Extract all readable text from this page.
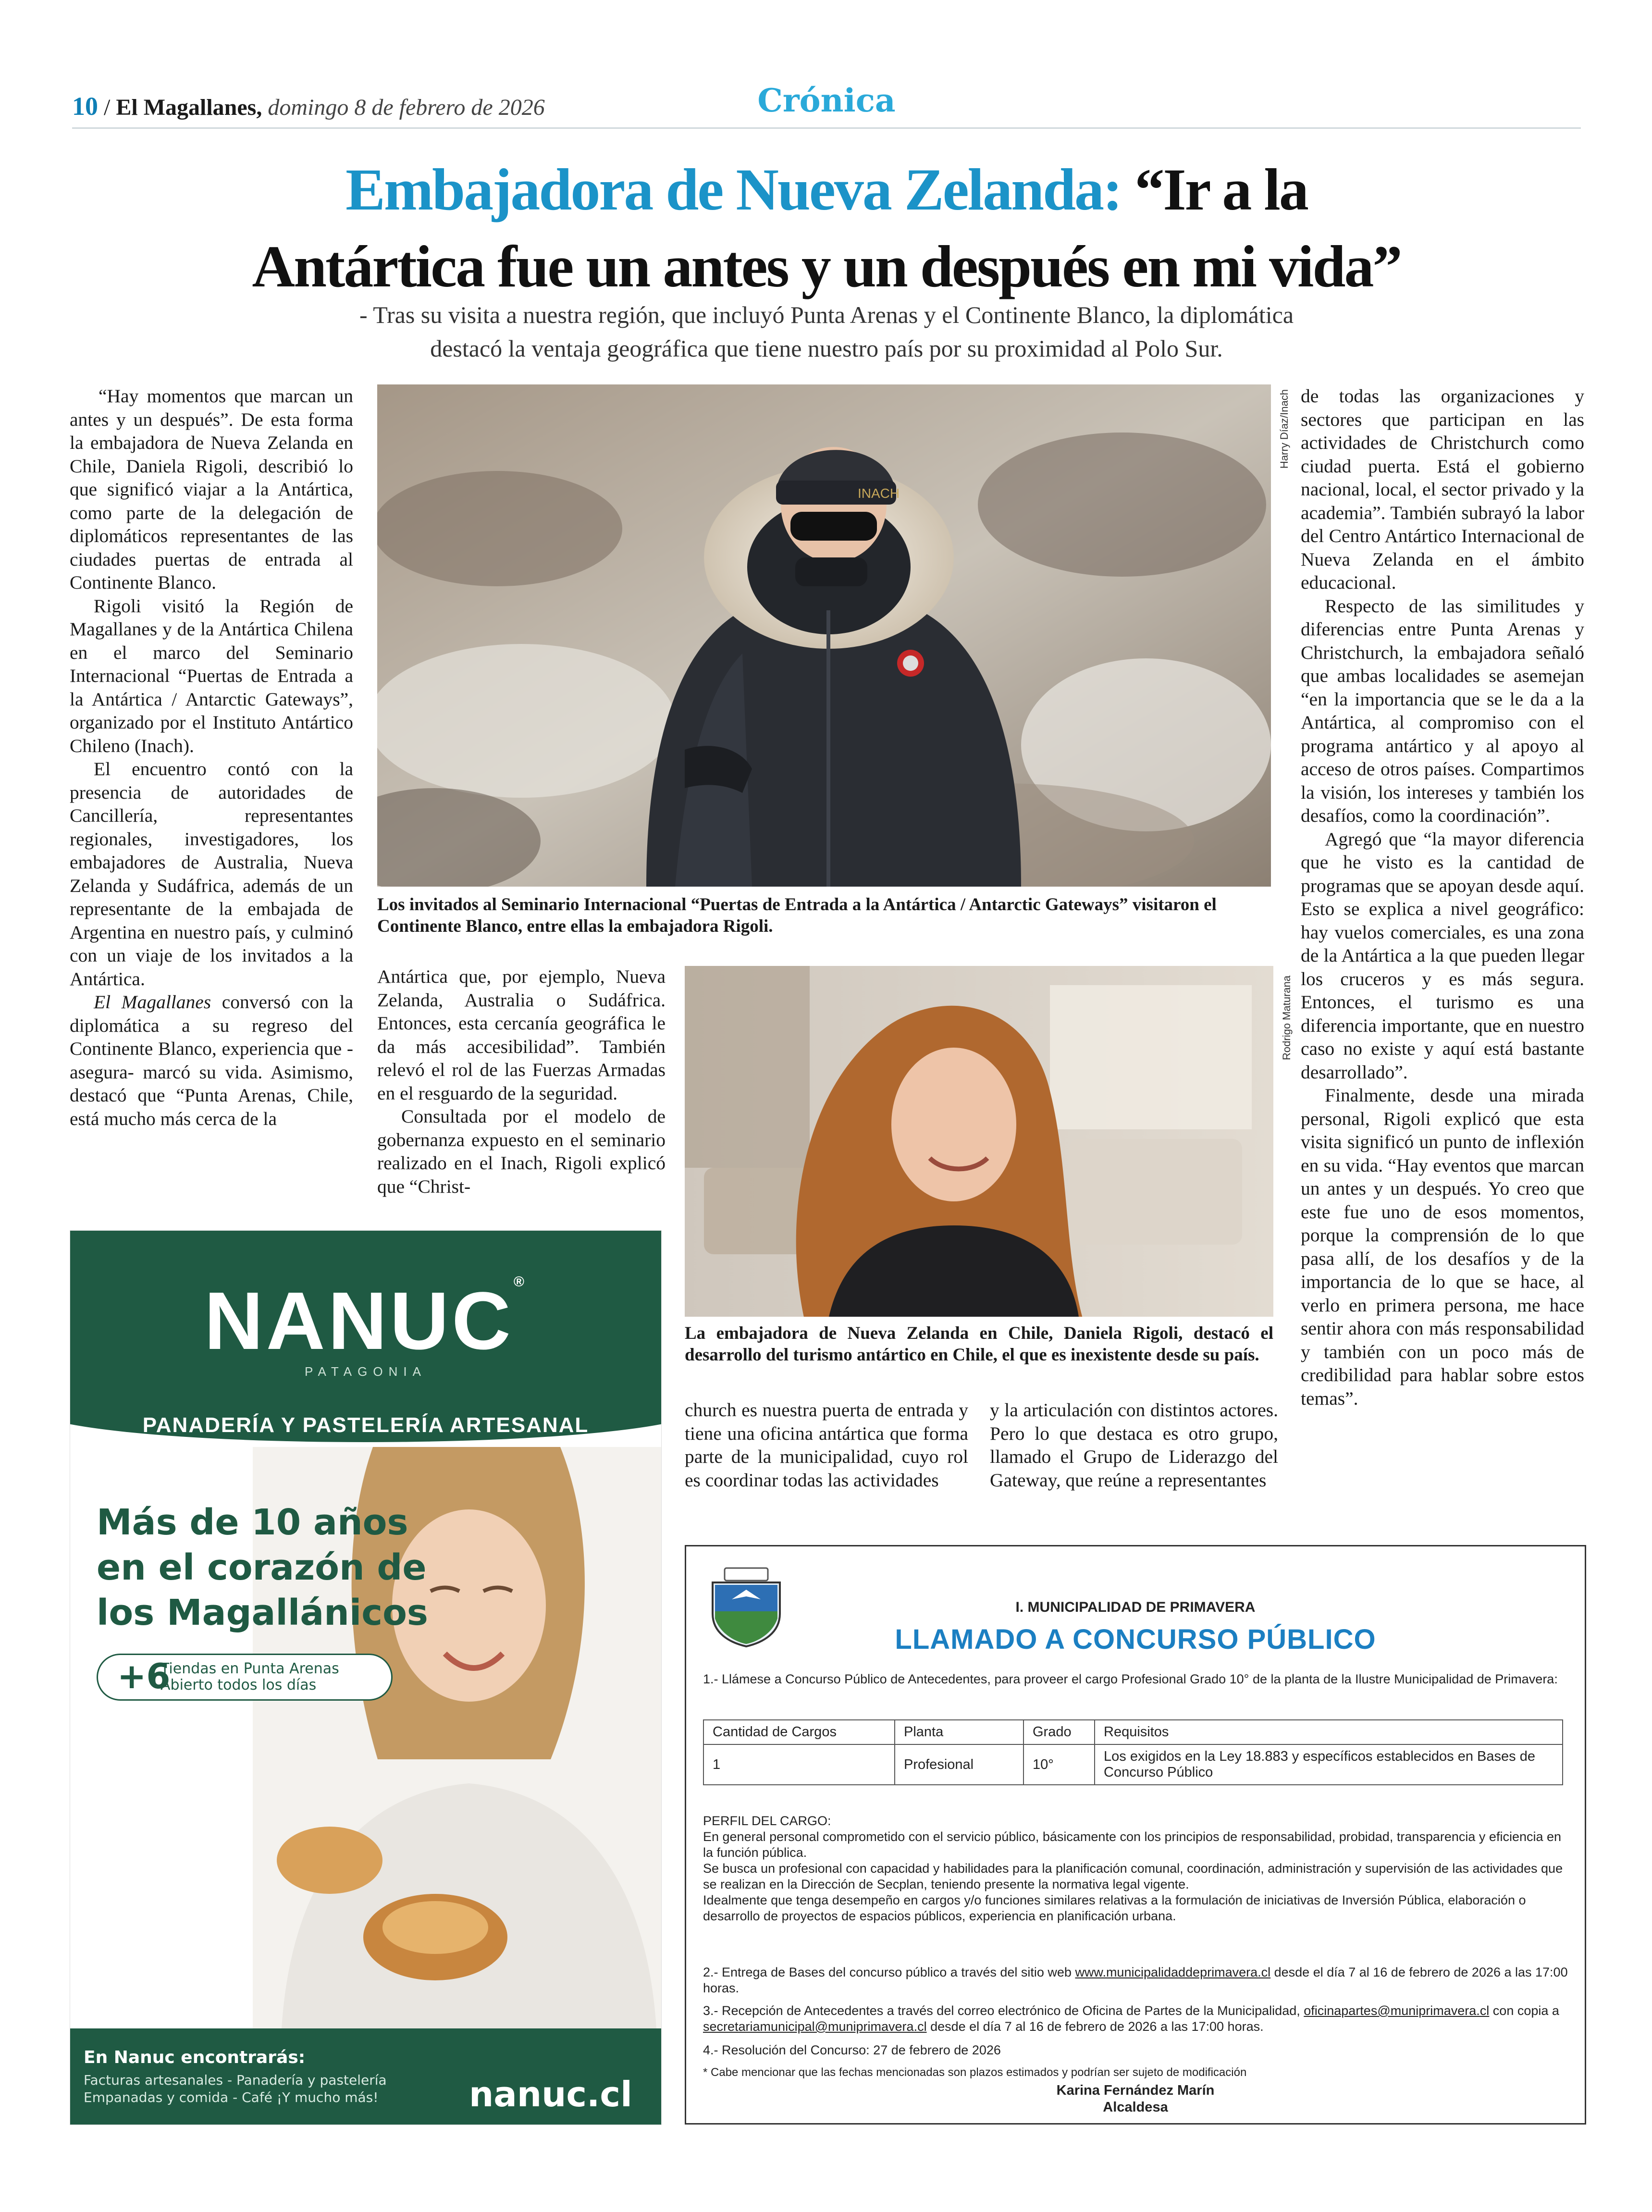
10 / El Magallanes, domingo 8 de febrero de 2026	Crónica
Embajadora de Nueva Zelanda: “Ir a la
Antártica fue un antes y un después en mi vida”
- Tras su visita a nuestra región, que incluyó Punta Arenas y el Continente Blanco, la diplomática
destacó la ventaja geográfica que tiene nuestro país por su proximidad al Polo Sur.

“Hay momentos que marcan un antes y un después”. De esta forma la embajadora de Nueva Zelanda en Chile, Daniela Rigoli, describió lo que significó viajar a la Antártica, como parte de la delegación de diplomáticos representantes de las ciudades puertas de entrada al Continente Blanco.

Rigoli visitó la Región de Magallanes y de la Antártica Chilena en el marco del Seminario Internacional “Puertas de Entrada a la Antártica / Antarctic Gateways”, organizado por el Instituto Antártico Chileno (Inach).

El encuentro contó con la presencia de autoridades de Cancillería, representantes regionales, investigadores, los embajadores de Australia, Nueva Zelanda y Sudáfrica, además de un representante de la embajada de Argentina en nuestro país, y culminó con un viaje de los invitados a la Antártica.

El Magallanes conversó con la diplomática a su regreso del Continente Blanco, experiencia que -asegura- marcó su vida. Asimismo, destacó que “Punta Arenas, Chile, está mucho más cerca de la

INACH
Harry Díaz/Inach
Los invitados al Seminario Internacional “Puertas de Entrada a la Antártica / Antarctic Gateways” visitaron el Continente Blanco, entre ellas la embajadora Rigoli.

Antártica que, por ejemplo, Nueva Zelanda, Australia o Sudáfrica. Entonces, esta cercanía geográfica le da más accesibilidad”. También relevó el rol de las Fuerzas Armadas en el resguardo de la seguridad.

Consultada por el modelo de gobernanza expuesto en el seminario realizado en el Inach, Rigoli explicó que “Christ-

Rodrigo Maturana
La embajadora de Nueva Zelanda en Chile, Daniela Rigoli, destacó el desarrollo del turismo antártico en Chile, el que es inexistente desde su país.

church es nuestra puerta de entrada y tiene una oficina antártica que forma parte de la municipalidad, cuyo rol es coordinar todas las actividades

y la articulación con distintos actores. Pero lo que destaca es otro grupo, llamado el Grupo de Liderazgo del Gateway, que reúne a representantes

de todas las organizaciones y sectores que participan en las actividades de Christchurch como ciudad puerta. Está el gobierno nacional, local, el sector privado y la academia”. También subrayó la labor del Centro Antártico Internacional de Nueva Zelanda en el ámbito educacional.

Respecto de las similitudes y diferencias entre Punta Arenas y Christchurch, la embajadora señaló que ambas localidades se asemejan “en la importancia que se le da a la Antártica, al compromiso con el programa antártico y al apoyo al acceso de otros países. Compartimos la visión, los intereses y también los desafíos, como la coordinación”.

Agregó que “la mayor diferencia que he visto es la cantidad de programas que se apoyan desde aquí. Esto se explica a nivel geográfico: hay vuelos comerciales, es una zona de la Antártica a la que pueden llegar los cruceros y es más segura. Entonces, el turismo es una diferencia importante, que en nuestro caso no existe y aquí está bastante desarrollado”.

Finalmente, desde una mirada personal, Rigoli explicó que esta visita significó un punto de inflexión en su vida. “Hay eventos que marcan un antes y un después. Yo creo que este fue uno de esos momentos, porque la comprensión de lo que pasa allí, de los desafíos y de la importancia de lo que se hace, al verlo en primera persona, me hace sentir ahora con más responsabilidad y también con un poco más de credibilidad para hablar sobre estos temas”.

NANUC®
PATAGONIA
PANADERÍA Y PASTELERÍA ARTESANAL
Más de 10 años
en el corazón de
los Magallánicos
+6
Tiendas en Punta Arenas
Abierto todos los días
En Nanuc encontrarás:
Facturas artesanales - Panadería y pastelería
Empanadas y comida - Café ¡Y mucho más!	nanuc.cl
I. MUNICIPALIDAD DE PRIMAVERA
LLAMADO A CONCURSO PÚBLICO
1.- Llámese a Concurso Público de Antecedentes, para proveer el cargo Profesional Grado 10° de la planta de la Ilustre Municipalidad de Primavera:
Cantidad de Cargos	Planta	Grado	Requisitos
1	Profesional	10°	Los exigidos en la Ley 18.883 y específicos establecidos en Bases de Concurso Público
PERFIL DEL CARGO:
En general personal comprometido con el servicio público, básicamente con los principios de responsabilidad, probidad, transparencia y eficiencia en la función pública.
Se busca un profesional con capacidad y habilidades para la planificación comunal, coordinación, administración y supervisión de las actividades que se realizan en la Dirección de Secplan, teniendo presente la normativa legal vigente.
Idealmente que tenga desempeño en cargos y/o funciones similares relativas a la formulación de iniciativas de Inversión Pública, elaboración o desarrollo de proyectos de espacios públicos, experiencia en planificación urbana.
2.- Entrega de Bases del concurso público a través del sitio web www.municipalidaddeprimavera.cl desde el día 7 al 16 de febrero de 2026 a las 17:00 horas.
3.- Recepción de Antecedentes a través del correo electrónico de Oficina de Partes de la Municipalidad, oficinapartes@muniprimavera.cl con copia a secretariamunicipal@muniprimavera.cl desde el día 7 al 16 de febrero de 2026 a las 17:00 horas.
4.- Resolución del Concurso: 27 de febrero de 2026
* Cabe mencionar que las fechas mencionadas son plazos estimados y podrían ser sujeto de modificación
Karina Fernández Marín
Alcaldesa
